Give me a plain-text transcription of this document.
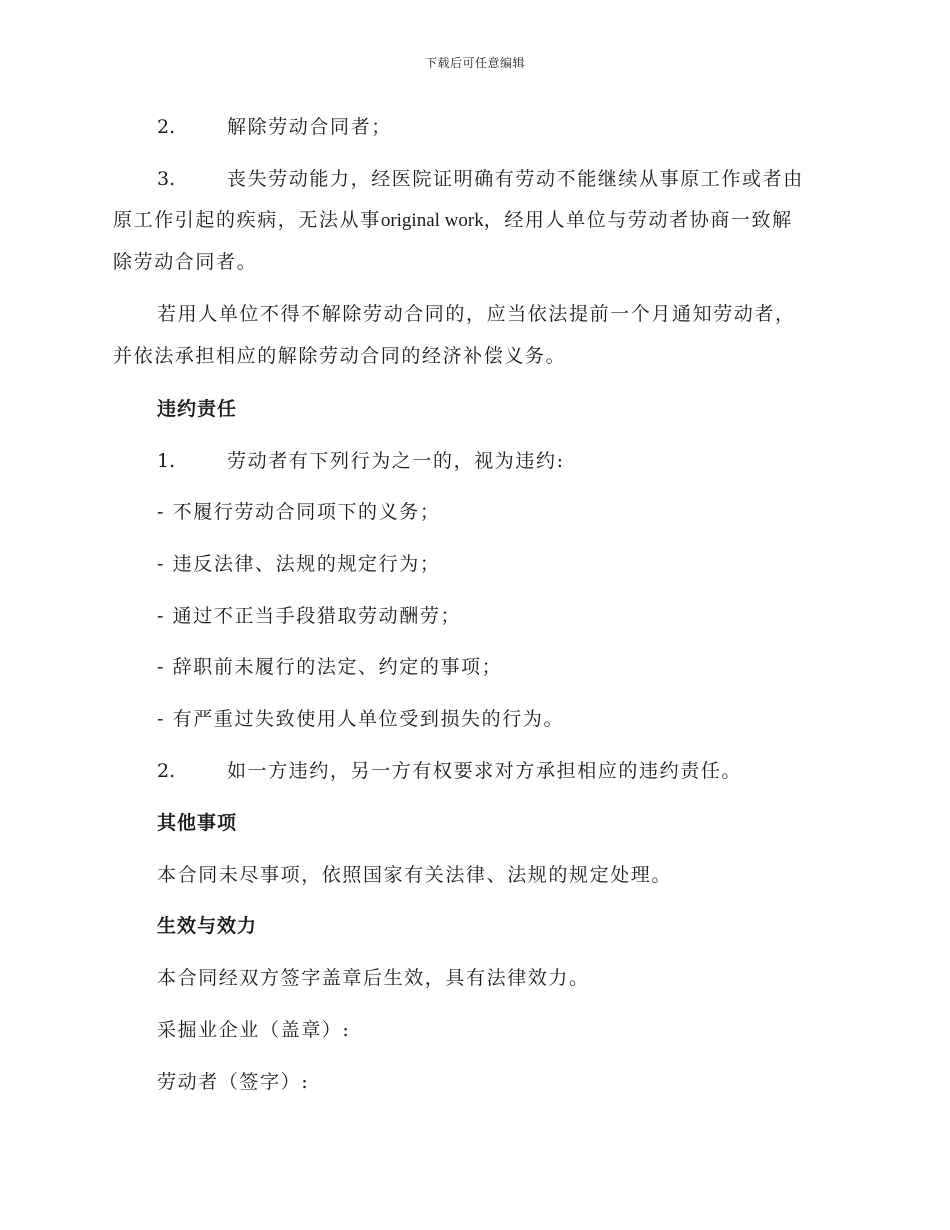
下载后可任意编辑
2.	解除劳动合同者；
3.	丧失劳动能力，经医院证明确有劳动不能继续从事原工作或者由
原工作引起的疾病，无法从事original work，经用人单位与劳动者协商一致解
除劳动合同者。
若用人单位不得不解除劳动合同的，应当依法提前一个月通知劳动者，
并依法承担相应的解除劳动合同的经济补偿义务。
违约责任
1.	劳动者有下列行为之一的，视为违约:
- 不履行劳动合同项下的义务；
- 违反法律、法规的规定行为；
- 通过不正当手段猎取劳动酬劳；
- 辞职前未履行的法定、约定的事项；
- 有严重过失致使用人单位受到损失的行为。
2.	如一方违约，另一方有权要求对方承担相应的违约责任。
其他事项
本合同未尽事项，依照国家有关法律、法规的规定处理。
生效与效力
本合同经双方签字盖章后生效，具有法律效力。
采掘业企业（盖章）:
劳动者（签字）:
